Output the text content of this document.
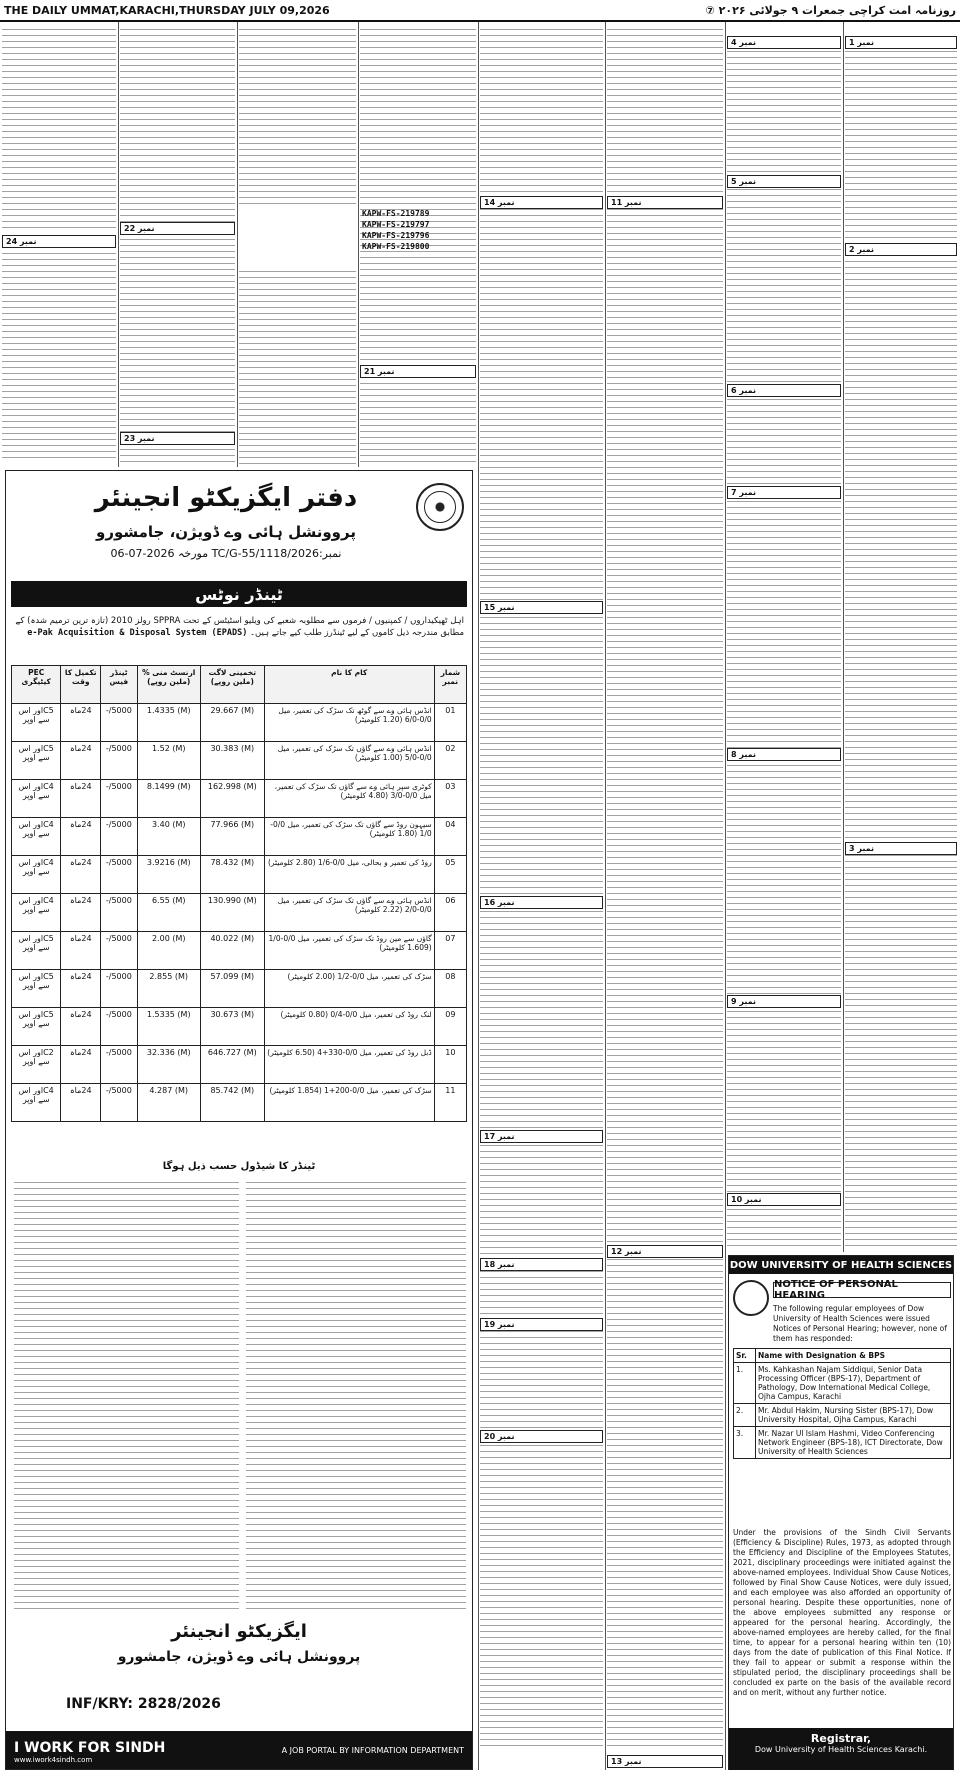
THE DAILY UMMAT,KARACHI,THURSDAY JULY 09,2026	روزنامہ امت کراچی جمعرات ۹ جولائی ۲۰۲۶ ⑦
نمبر 1
نمبر 2
نمبر 3
نمبر 4
نمبر 5
نمبر 6
نمبر 7
نمبر 8
نمبر 9
نمبر 10
نمبر 11
نمبر 12
نمبر 13
نمبر 14
نمبر 15
نمبر 16
نمبر 17
نمبر 18
نمبر 19
نمبر 20
نمبر 21
نمبر 22
نمبر 23
نمبر 24
KAPW-FS-219789
KAPW-FS-219797
KAPW-FS-219796
KAPW-FS-219800
دفتر ایگزیکٹو انجینئر
پروونشل ہائی وے ڈویژن، جامشورو
نمبر:TC/G-55/1118/2026 مورخہ 2026-07-06
ٹینڈر نوٹس
اہل ٹھیکیداروں / کمپنیوں / فرموں سے مطلوبہ شعبے کی ویلیو اسٹیٹس کے تحت SPPRA رولز 2010 (تازہ ترین ترمیم شدہ) کے مطابق مندرجہ ذیل کاموں کے لیے ٹینڈرز طلب کیے جاتے ہیں۔ e-Pak Acquisition & Disposal System (EPADS)
شمار نمبر	کام کا نام	تخمینی لاگت (ملین روپے)	ارنسٹ منی % (ملین روپے)	ٹینڈر فیس	تکمیل کا وقت	PEC کیٹیگری
01	انڈس ہائی وے سے گوٹھ تک سڑک کی تعمیر، میل 0/0-6/0 (1.20 کلومیٹر)	(M) 29.667	(M) 1.4335	5000/-	24ماہ	C5اور اس سے اوپر
02	انڈس ہائی وے سے گاؤں تک سڑک کی تعمیر، میل 0/0-5/0 (1.00 کلومیٹر)	(M) 30.383	(M) 1.52	5000/-	24ماہ	C5اور اس سے اوپر
03	کوٹری سپر ہائی وے سے گاؤں تک سڑک کی تعمیر، میل 0/0-3/0 (4.80 کلومیٹر)	(M) 162.998	(M) 8.1499	5000/-	24ماہ	C4اور اس سے اوپر
04	سیہون روڈ سے گاؤں تک سڑک کی تعمیر، میل 0/0-1/0 (1.80 کلومیٹر)	(M) 77.966	(M) 3.40	5000/-	24ماہ	C4اور اس سے اوپر
05	روڈ کی تعمیر و بحالی، میل 0/0-1/6 (2.80 کلومیٹر)	(M) 78.432	(M) 3.9216	5000/-	24ماہ	C4اور اس سے اوپر
06	انڈس ہائی وے سے گاؤں تک سڑک کی تعمیر، میل 0/0-2/0 (2.22 کلومیٹر)	(M) 130.990	(M) 6.55	5000/-	24ماہ	C4اور اس سے اوپر
07	گاؤں سے مین روڈ تک سڑک کی تعمیر، میل 0/0-1/0 (1.609 کلومیٹر)	(M) 40.022	(M) 2.00	5000/-	24ماہ	C5اور اس سے اوپر
08	سڑک کی تعمیر، میل 0/0-1/2 (2.00 کلومیٹر)	(M) 57.099	(M) 2.855	5000/-	24ماہ	C5اور اس سے اوپر
09	لنک روڈ کی تعمیر، میل 0/0-0/4 (0.80 کلومیٹر)	(M) 30.673	(M) 1.5335	5000/-	24ماہ	C5اور اس سے اوپر
10	ڈبل روڈ کی تعمیر، میل 0/0-330+4 (6.50 کلومیٹر)	(M) 646.727	(M) 32.336	5000/-	24ماہ	C2اور اس سے اوپر
11	سڑک کی تعمیر، میل 0/0-200+1 (1.854 کلومیٹر)	(M) 85.742	(M) 4.287	5000/-	24ماہ	C4اور اس سے اوپر
ٹینڈر کا شیڈول حسب ذیل ہوگا
ایگزیکٹو انجینئر
پروونشل ہائی وے ڈویژن، جامشورو
INF/KRY: 2828/2026
I WORK FOR SINDH
www.iwork4sindh.com
A JOB PORTAL BY INFORMATION DEPARTMENT
DOW UNIVERSITY OF HEALTH SCIENCES
NOTICE OF PERSONAL HEARING
The following regular employees of Dow University of Health Sciences were issued Notices of Personal Hearing; however, none of them has responded:
Sr.	Name with Designation & BPS
1.	Ms. Kahkashan Najam Siddiqui, Senior Data Processing Officer (BPS-17), Department of Pathology, Dow International Medical College, Ojha Campus, Karachi
2.	Mr. Abdul Hakim, Nursing Sister (BPS-17), Dow University Hospital, Ojha Campus, Karachi
3.	Mr. Nazar Ul Islam Hashmi, Video Conferencing Network Engineer (BPS-18), ICT Directorate, Dow University of Health Sciences
Under the provisions of the Sindh Civil Servants (Efficiency & Discipline) Rules, 1973, as adopted through the Efficiency and Discipline of the Employees Statutes, 2021, disciplinary proceedings were initiated against the above-named employees. Individual Show Cause Notices, followed by Final Show Cause Notices, were duly issued, and each employee was also afforded an opportunity of personal hearing. Despite these opportunities, none of the above employees submitted any response or appeared for the personal hearing. Accordingly, the above-named employees are hereby called, for the final time, to appear for a personal hearing within ten (10) days from the date of publication of this Final Notice. If they fail to appear or submit a response within the stipulated period, the disciplinary proceedings shall be concluded ex parte on the basis of the available record and on merit, without any further notice.
Registrar,
Dow University of Health Sciences Karachi.
